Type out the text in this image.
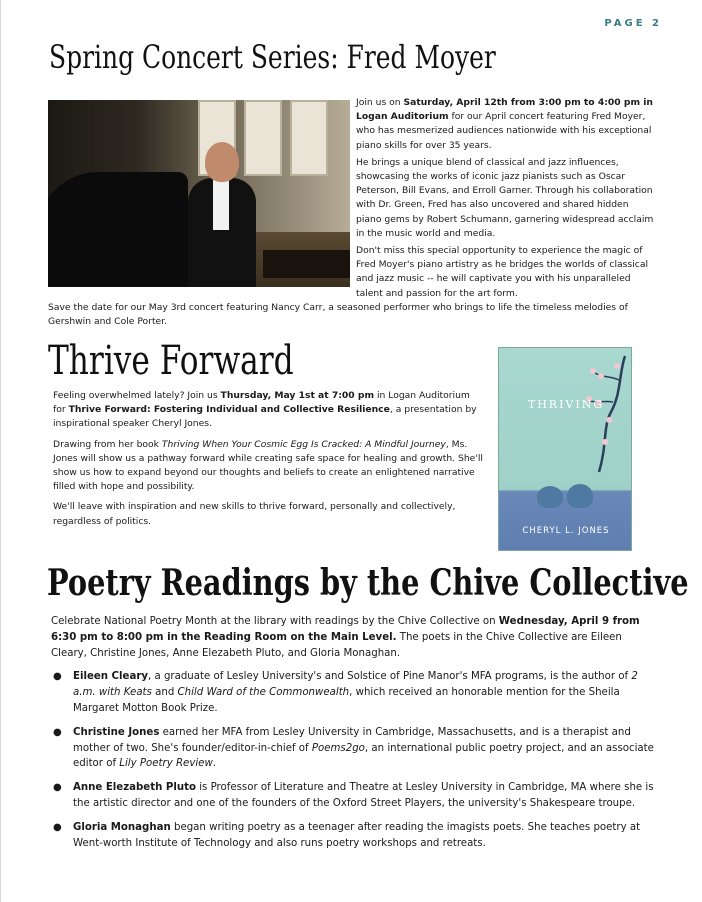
PAGE 2
Spring Concert Series: Fred Moyer

Join us on Saturday, April 12th from 3:00 pm to 4:00 pm in Logan Auditorium for our April concert featuring Fred Moyer, who has mesmerized audiences nationwide with his exceptional piano skills for over 35 years.

He brings a unique blend of classical and jazz influences, showcasing the works of iconic jazz pianists such as Oscar Peterson, Bill Evans, and Erroll Garner. Through his collaboration with Dr. Green, Fred has also uncovered and shared hidden piano gems by Robert Schumann, garnering widespread acclaim in the music world and media.

Don't miss this special opportunity to experience the magic of Fred Moyer's piano artistry as he bridges the worlds of classical and jazz music -- he will captivate you with his unparalleled talent and passion for the art form.

Save the date for our May 3rd concert featuring Nancy Carr, a seasoned performer who brings to life the timeless melodies of Gershwin and Cole Porter.
Thrive Forward

Feeling overwhelmed lately? Join us Thursday, May 1st at 7:00 pm in Logan Auditorium for Thrive Forward: Fostering Individual and Collective Resilience, a presentation by inspirational speaker Cheryl Jones.

Drawing from her book Thriving When Your Cosmic Egg Is Cracked: A Mindful Journey, Ms. Jones will show us a pathway forward while creating safe space for healing and growth. She'll show us how to expand beyond our thoughts and beliefs to create an enlightened narrative filled with hope and possibility.

We'll leave with inspiration and new skills to thrive forward, personally and collectively, regardless of politics.

THRIVING
CHERYL L. JONES
Poetry Readings by the Chive Collective

Celebrate National Poetry Month at the library with readings by the Chive Collective on Wednesday, April 9 from 6:30 pm to 8:00 pm in the Reading Room on the Main Level. The poets in the Chive Collective are Eileen Cleary, Christine Jones, Anne Elezabeth Pluto, and Gloria Monaghan.

● Eileen Cleary, a graduate of Lesley University's and Solstice of Pine Manor's MFA programs, is the author of 2 a.m. with Keats and Child Ward of the Commonwealth, which received an honorable mention for the Sheila Margaret Motton Book Prize.
● Christine Jones earned her MFA from Lesley University in Cambridge, Massachusetts, and is a therapist and mother of two. She's founder/editor-in-chief of Poems2go, an international public poetry project, and an associate editor of Lily Poetry Review.
● Anne Elezabeth Pluto is Professor of Literature and Theatre at Lesley University in Cambridge, MA where she is the artistic director and one of the founders of the Oxford Street Players, the university's Shakespeare troupe.
● Gloria Monaghan began writing poetry as a teenager after reading the imagists poets. She teaches poetry at Went-worth Institute of Technology and also runs poetry workshops and retreats.
